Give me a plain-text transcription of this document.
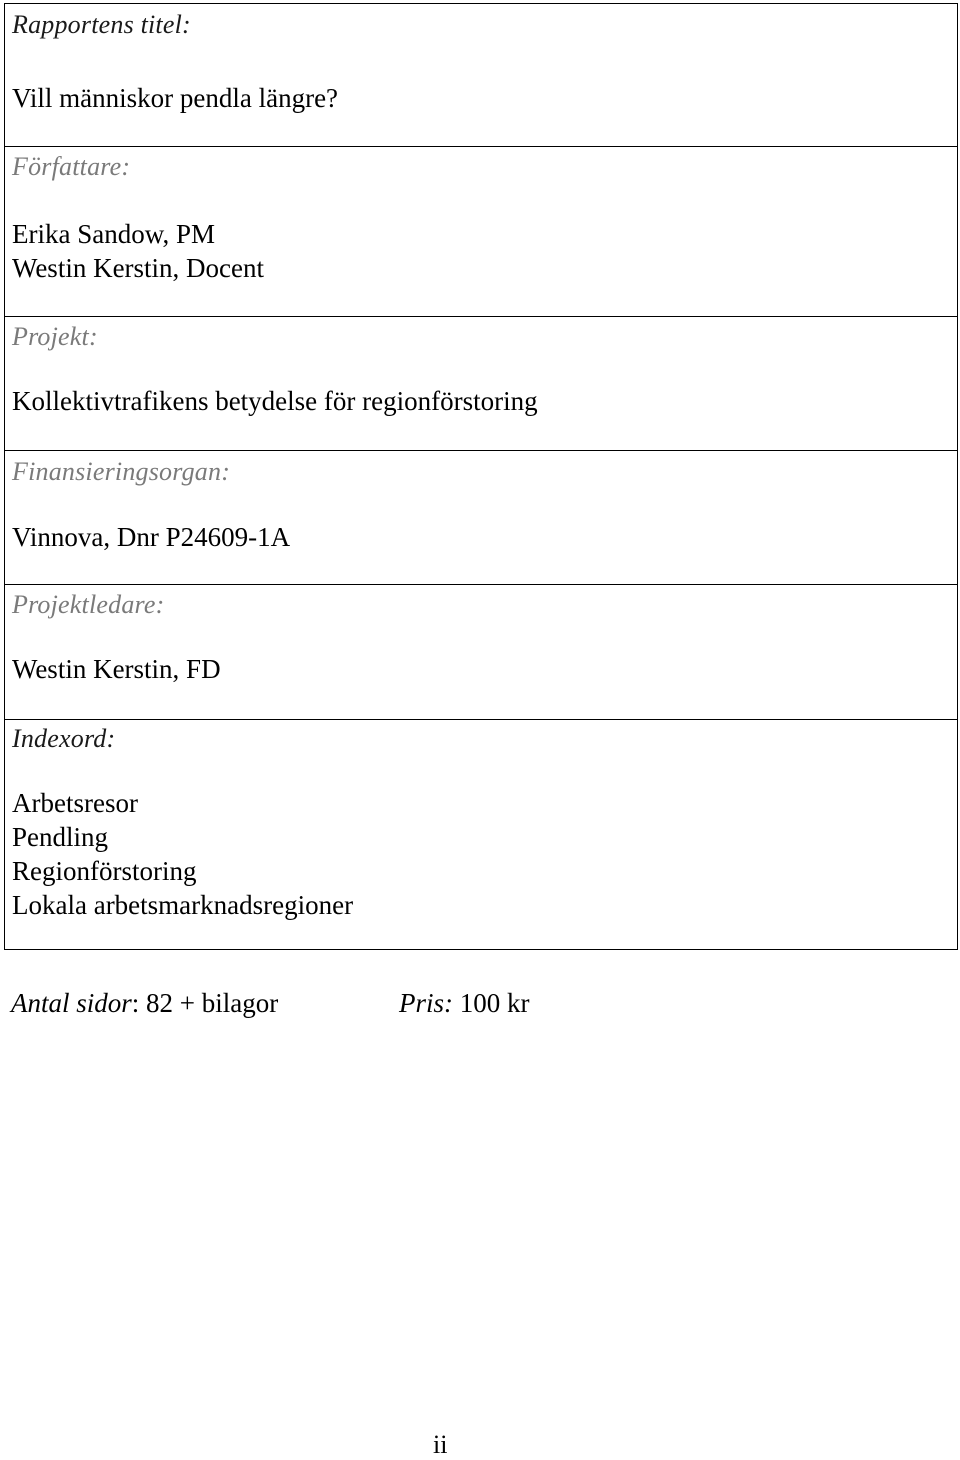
Rapportens titel:
Vill människor pendla längre?
Författare:
Erika Sandow, PM
Westin Kerstin, Docent
Projekt:
Kollektivtrafikens betydelse för regionförstoring
Finansieringsorgan:
Vinnova, Dnr P24609-1A
Projektledare:
Westin Kerstin, FD
Indexord:
Arbetsresor
Pendling
Regionförstoring
Lokala arbetsmarknadsregioner
Antal sidor: 82 + bilagor	Pris: 100 kr
ii
